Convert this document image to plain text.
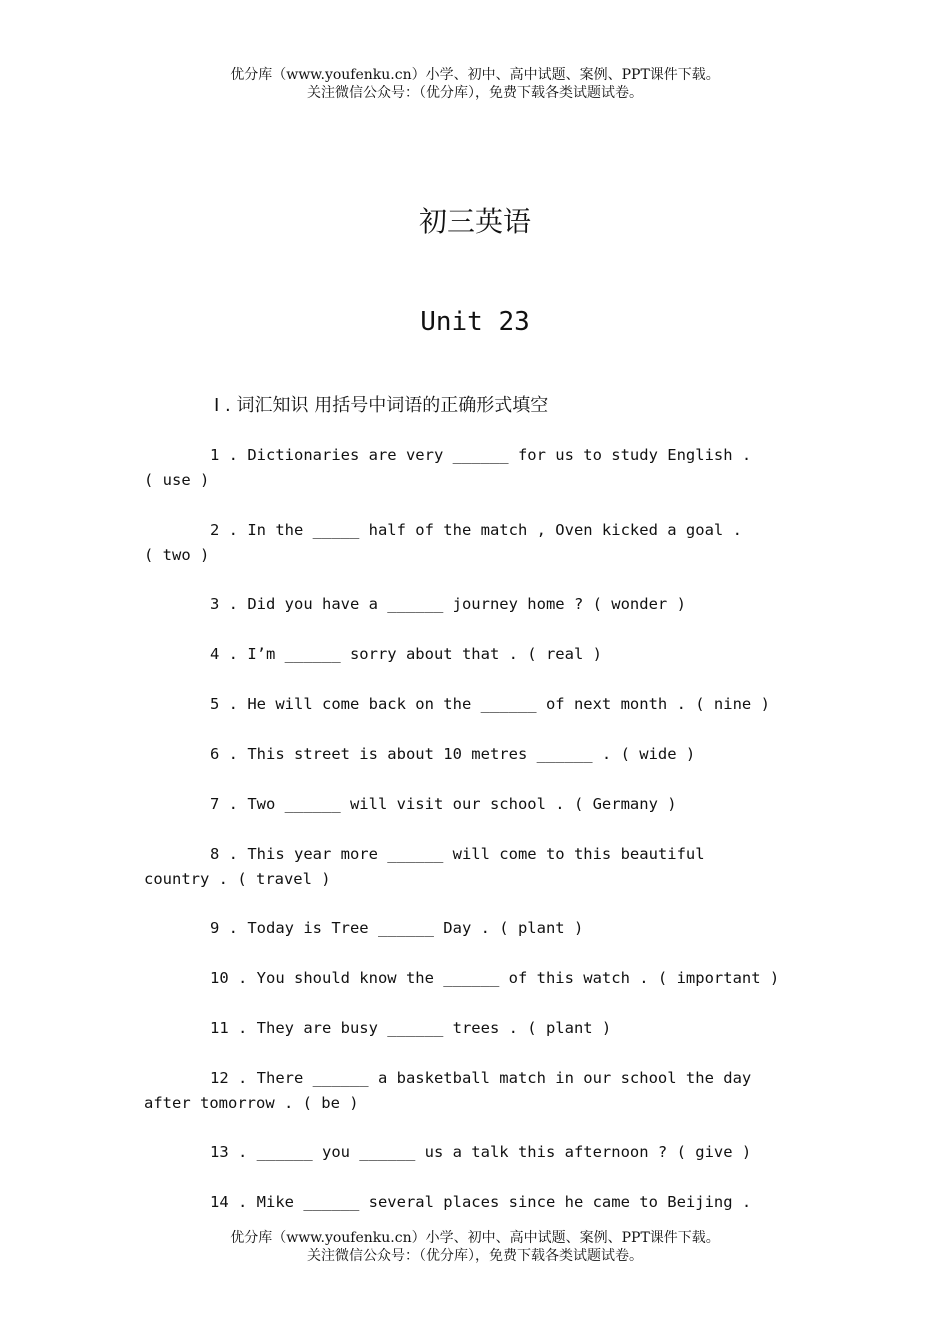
优分库（www.youfenku.cn）小学、初中、高中试题、案例、PPT课件下载。
关注微信公众号：（优分库），免费下载各类试题试卷。
初三英语
Unit 23
Ⅰ . 词汇知识 用括号中词语的正确形式填空
1 . Dictionaries are very ______ for us to study English .
( use )
2 . In the _____ half of the match , Oven kicked a goal .
( two )
3 . Did you have a ______ journey home ? ( wonder )
4 . I’m ______ sorry about that . ( real )
5 . He will come back on the ______ of next month . ( nine )
6 . This street is about 10 metres ______ . ( wide )
7 . Two ______ will visit our school . ( Germany )
8 . This year more ______ will come to this beautiful
country . ( travel )
9 . Today is Tree ______ Day . ( plant )
10 . You should know the ______ of this watch . ( important )
11 . They are busy ______ trees . ( plant )
12 . There ______ a basketball match in our school the day
after tomorrow . ( be )
13 . ______ you ______ us a talk this afternoon ? ( give )
14 . Mike ______ several places since he came to Beijing .
优分库（www.youfenku.cn）小学、初中、高中试题、案例、PPT课件下载。
关注微信公众号：（优分库），免费下载各类试题试卷。
